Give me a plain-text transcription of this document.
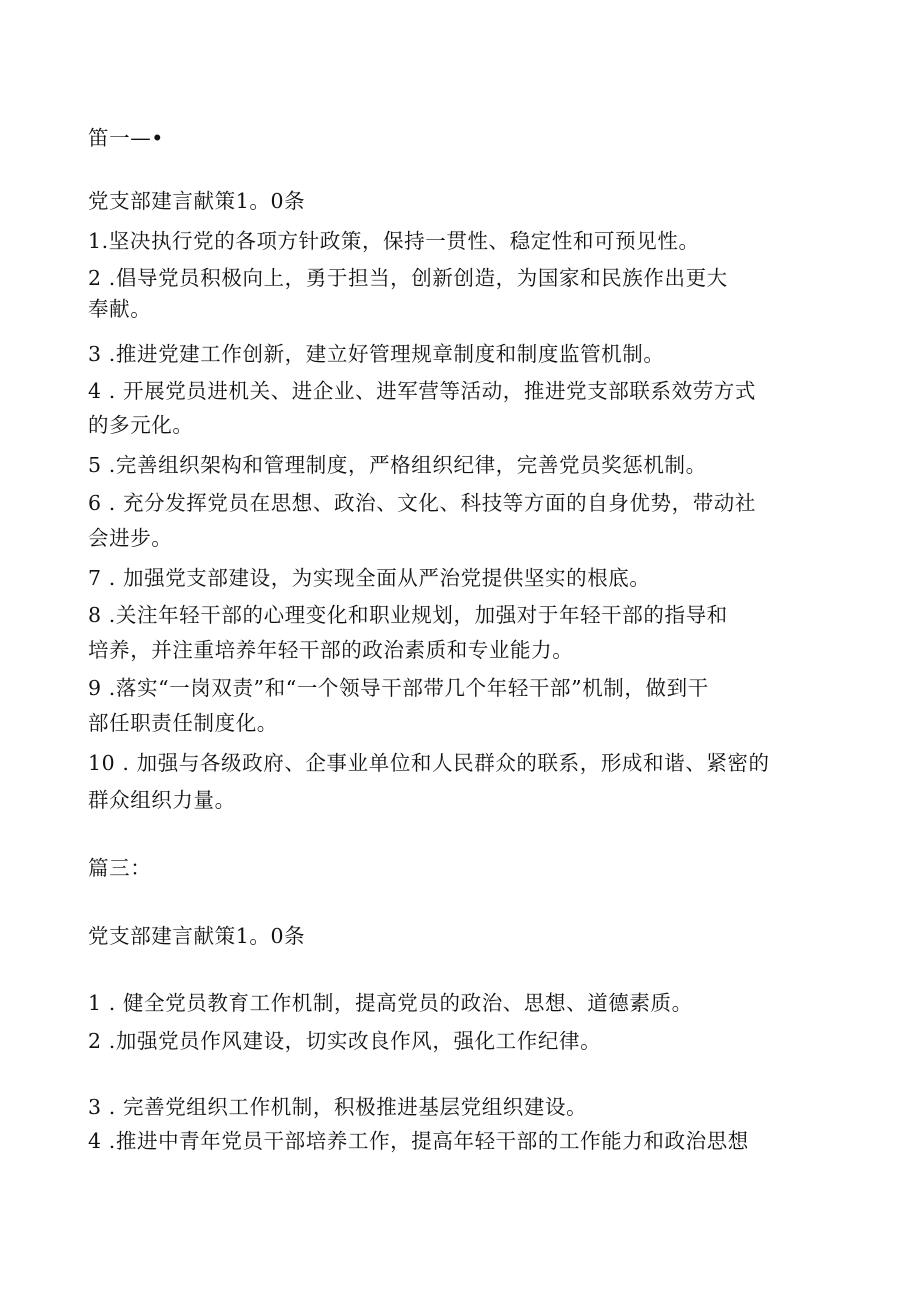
笛一—•

党支部建言献策1。0条

1.坚决执行党的各项方针政策，保持一贯性、稳定性和可预见性。

2 .倡导党员积极向上，勇于担当，创新创造，为国家和民族作出更大

奉献。

3 .推进党建工作创新，建立好管理规章制度和制度监管机制。

4 . 开展党员进机关、进企业、进军营等活动，推进党支部联系效劳方式

的多元化。

5 .完善组织架构和管理制度，严格组织纪律，完善党员奖惩机制。

6 . 充分发挥党员在思想、政治、文化、科技等方面的自身优势，带动社

会进步。

7 . 加强党支部建设，为实现全面从严治党提供坚实的根底。

8 .关注年轻干部的心理变化和职业规划，加强对于年轻干部的指导和

培养，并注重培养年轻干部的政治素质和专业能力。

9 .落实“一岗双责”和“一个领导干部带几个年轻干部”机制，做到干

部任职责任制度化。

10 . 加强与各级政府、企事业单位和人民群众的联系，形成和谐、紧密的

群众组织力量。

篇三：

党支部建言献策1。0条

1 . 健全党员教育工作机制，提高党员的政治、思想、道德素质。

2 .加强党员作风建设，切实改良作风，强化工作纪律。

3 . 完善党组织工作机制，积极推进基层党组织建设。

4 .推进中青年党员干部培养工作，提高年轻干部的工作能力和政治思想
